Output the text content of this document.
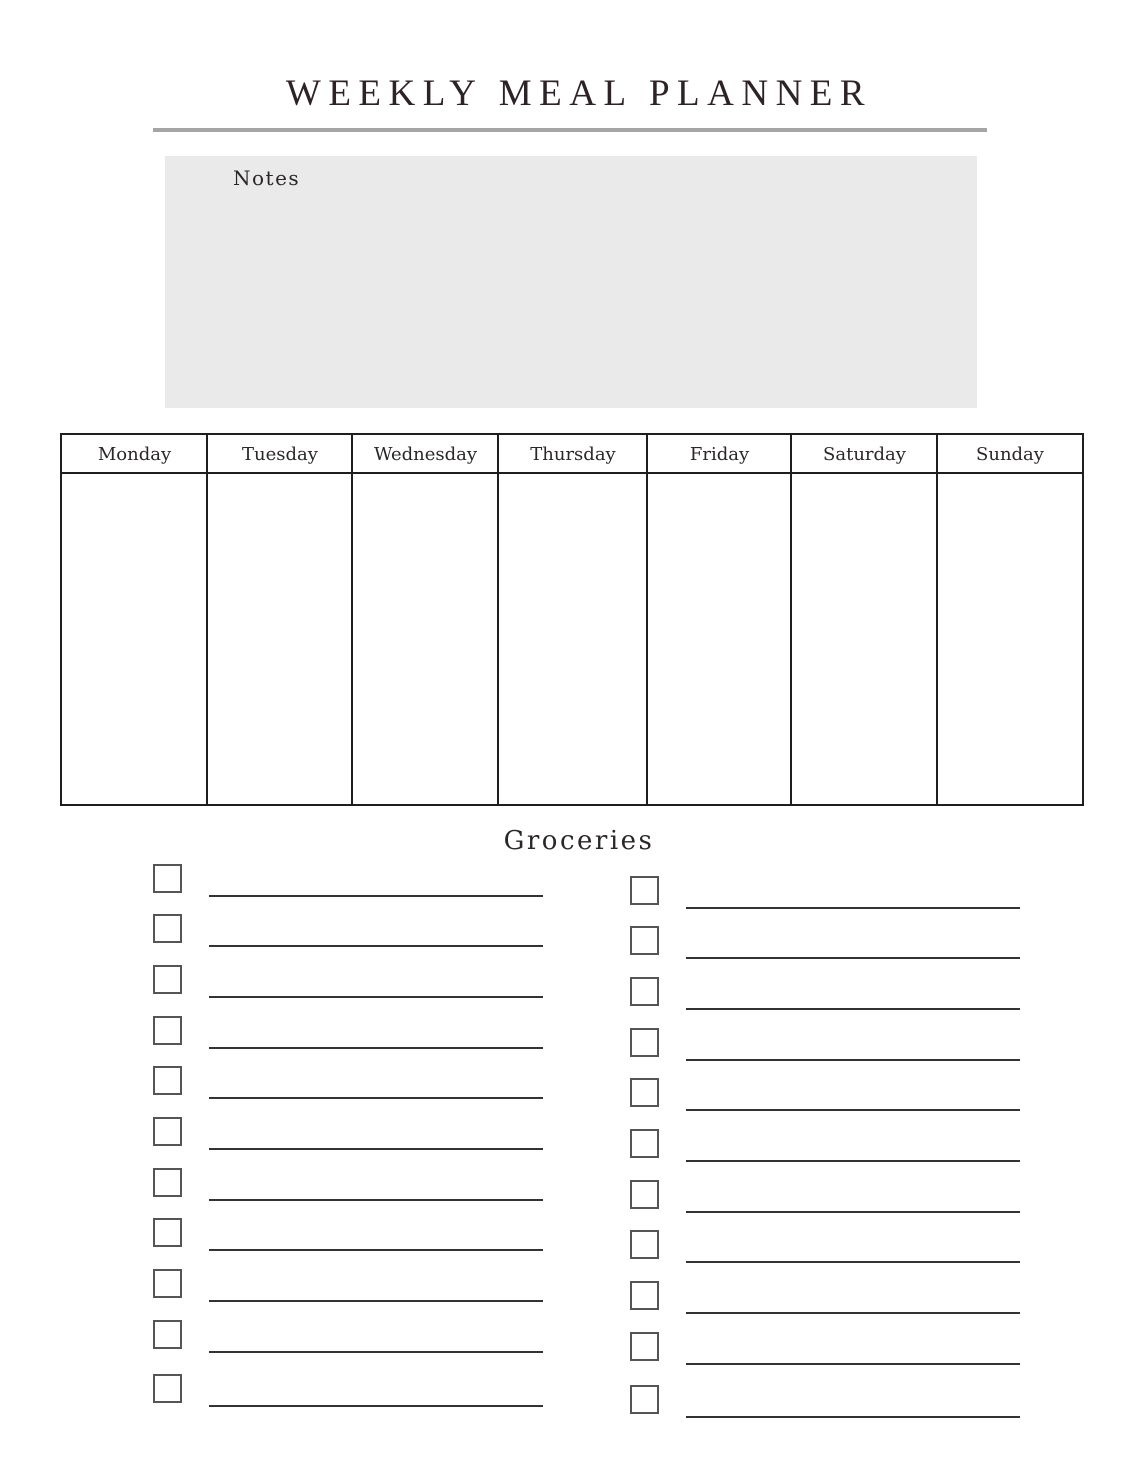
WEEKLY MEAL PLANNER
Notes
Monday	Tuesday	Wednesday	Thursday	Friday	Saturday	Sunday
Groceries
